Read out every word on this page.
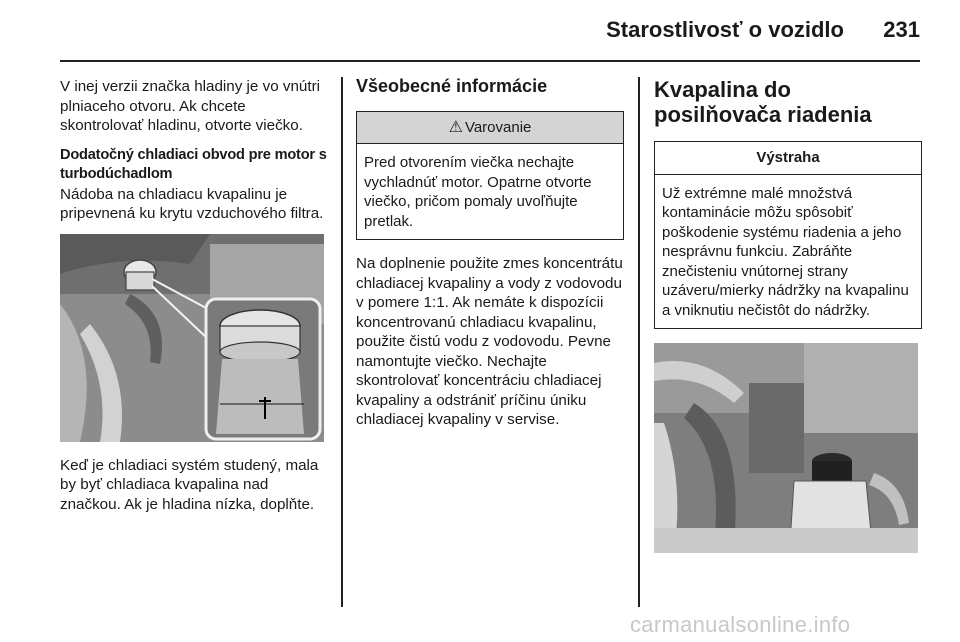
Starostlivosť o vozidlo 231

V inej verzii značka hladiny je vo vnútri plniaceho otvoru. Ak chcete skontrolovať hladinu, otvorte viečko.

Dodatočný chladiaci obvod pre motor s turbodúchadlom

Nádoba na chladiacu kvapalinu je pripevnená ku krytu vzduchového filtra.

Keď je chladiaci systém studený, mala by byť chladiaca kvapalina nad značkou. Ak je hladina nízka, doplňte.

Všeobecné informácie
⚠ Varovanie
Pred otvorením viečka nechajte vychladnúť motor. Opatrne otvorte viečko, pričom pomaly uvoľňujte pretlak.

Na doplnenie použite zmes koncentrátu chladiacej kvapaliny a vody z vodovodu v pomere 1:1. Ak nemáte k dispozícii koncentrovanú chladiacu kvapalinu, použite čistú vodu z vodovodu. Pevne namontujte viečko. Nechajte skontrolovať koncentráciu chladiacej kvapaliny a odstrániť príčinu úniku chladiacej kvapaliny v servise.

Kvapalina do posilňovača riadenia
Výstraha
Už extrémne malé množstvá kontaminácie môžu spôsobiť poškodenie systému riadenia a jeho nesprávnu funkciu. Zabráňte znečisteniu vnútornej strany uzáveru/mierky nádržky na kvapalinu a vniknutiu nečistôt do nádržky.
carmanualsonline.info
